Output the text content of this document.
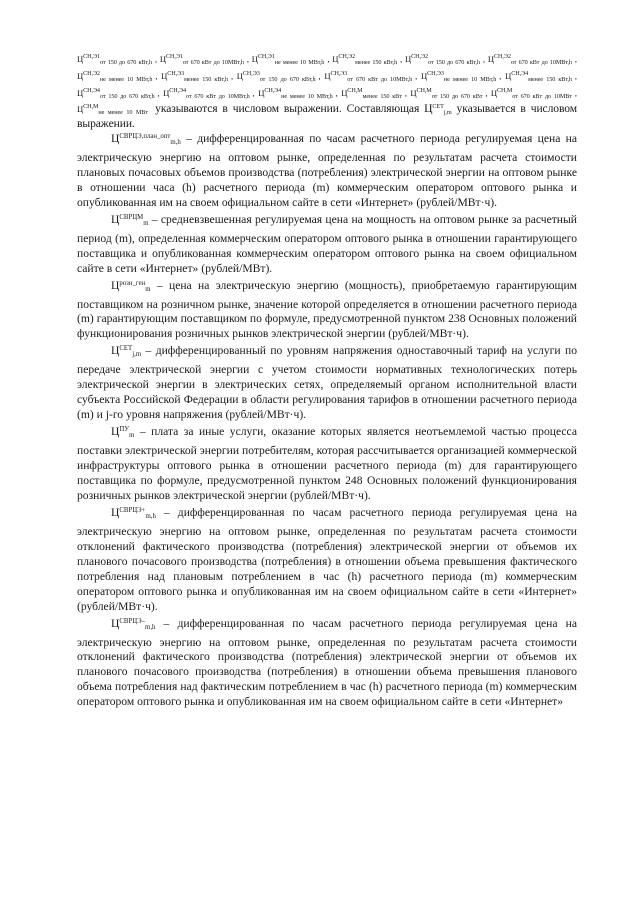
$Ц^{СН,Э1}_{от 150 до 670 кВт,h}$ , $Ц^{СН,Э1}_{от 670 кВт до 10МВт,h}$ , $Ц^{СН,Э1}_{не менее 10 МВт,h}$ , $Ц^{СН,Э2}_{менее 150 кВт,h}$ , $Ц^{СН,Э2}_{от 150 до 670 кВт,h}$ , $Ц^{СН,Э2}_{от 670 кВт до 10МВт,h}$ , $Ц^{СН,Э2}_{не менее 10 МВт,h}$ , $Ц^{СН,Э3}_{менее 150 кВт,h}$ , $Ц^{СН,Э3}_{от 150 до 670 кВт,h}$ , $Ц^{СН,Э3}_{от 670 кВт до 10МВт,h}$ , $Ц^{СН,Э3}_{не менее 10 МВт,h}$ , $Ц^{СН,Э4}_{менее 150 кВт,h}$ , $Ц^{СН,Э4}_{от 150 до 670 кВт,h}$ , $Ц^{СН,Э4}_{от 670 кВт до 10МВт,h}$ , $Ц^{СН,Э4}_{не менее 10 МВт,h}$ , $Ц^{СН,М}_{менее 150 кВт}$ , $Ц^{СН,М}_{от 150 до 670 кВт}$ , $Ц^{СН,М}_{от 670 кВт до 10МВт}$ , $Ц^{СН,М}_{не менее 10 МВт}$ указываются в числовом выражении. Составляющая $Ц^{СЕТ}_{j,m}$ указывается в числовом выражении.

$Ц^{СВРЦЭ,план\_опт}_{m,h}$ – дифференцированная по часам расчетного периода регулируемая цена на электрическую энергию на оптовом рынке, определенная по результатам расчета стоимости плановых почасовых объемов производства (потребления) электрической энергии на оптовом рынке в отношении часа (h) расчетного периода (m) коммерческим оператором оптового рынка и опубликованная им на своем официальном сайте в сети «Интернет» (рублей/МВт·ч).

$Ц^{СВРЦМ}_m$ – средневзвешенная регулируемая цена на мощность на оптовом рынке за расчетный период (m), определенная коммерческим оператором оптового рынка в отношении гарантирующего поставщика и опубликованная коммерческим оператором оптового рынка на своем официальном сайте в сети «Интернет» (рублей/МВт).

$Ц^{розн\_ген}_m$ – цена на электрическую энергию (мощность), приобретаемую гарантирующим поставщиком на розничном рынке, значение которой определяется в отношении расчетного периода (m) гарантирующим поставщиком по формуле, предусмотренной пунктом 238 Основных положений функционирования розничных рынков электрической энергии (рублей/МВт·ч).

$Ц^{СЕТ}_{j,m}$ – дифференцированный по уровням напряжения одноставочный тариф на услуги по передаче электрической энергии с учетом стоимости нормативных технологических потерь электрической энергии в электрических сетях, определяемый органом исполнительной власти субъекта Российской Федерации в области регулирования тарифов в отношении расчетного периода (m) и j-го уровня напряжения (рублей/МВт·ч).

$Ц^{ПУ}_m$ – плата за иные услуги, оказание которых является неотъемлемой частью процесса поставки электрической энергии потребителям, которая рассчитывается организацией коммерческой инфраструктуры оптового рынка в отношении расчетного периода (m) для гарантирующего поставщика по формуле, предусмотренной пунктом 248 Основных положений функционирования розничных рынков электрической энергии (рублей/МВт·ч).

$Ц^{СВРЦЭ+}_{m,h}$ – дифференцированная по часам расчетного периода регулируемая цена на электрическую энергию на оптовом рынке, определенная по результатам расчета стоимости отклонений фактического производства (потребления) электрической энергии от объемов их планового почасового производства (потребления) в отношении объема превышения фактического потребления над плановым потреблением в час (h) расчетного периода (m) коммерческим оператором оптового рынка и опубликованная им на своем официальном сайте в сети «Интернет» (рублей/МВт·ч).

$Ц^{СВРЦЭ-}_{m,h}$ – дифференцированная по часам расчетного периода регулируемая цена на электрическую энергию на оптовом рынке, определенная по результатам расчета стоимости отклонений фактического производства (потребления) электрической энергии от объемов их планового почасового производства (потребления) в отношении объема превышения планового объема потребления над фактическим потреблением в час (h) расчетного периода (m) коммерческим оператором оптового рынка и опубликованная им на своем официальном сайте в сети «Интернет»
